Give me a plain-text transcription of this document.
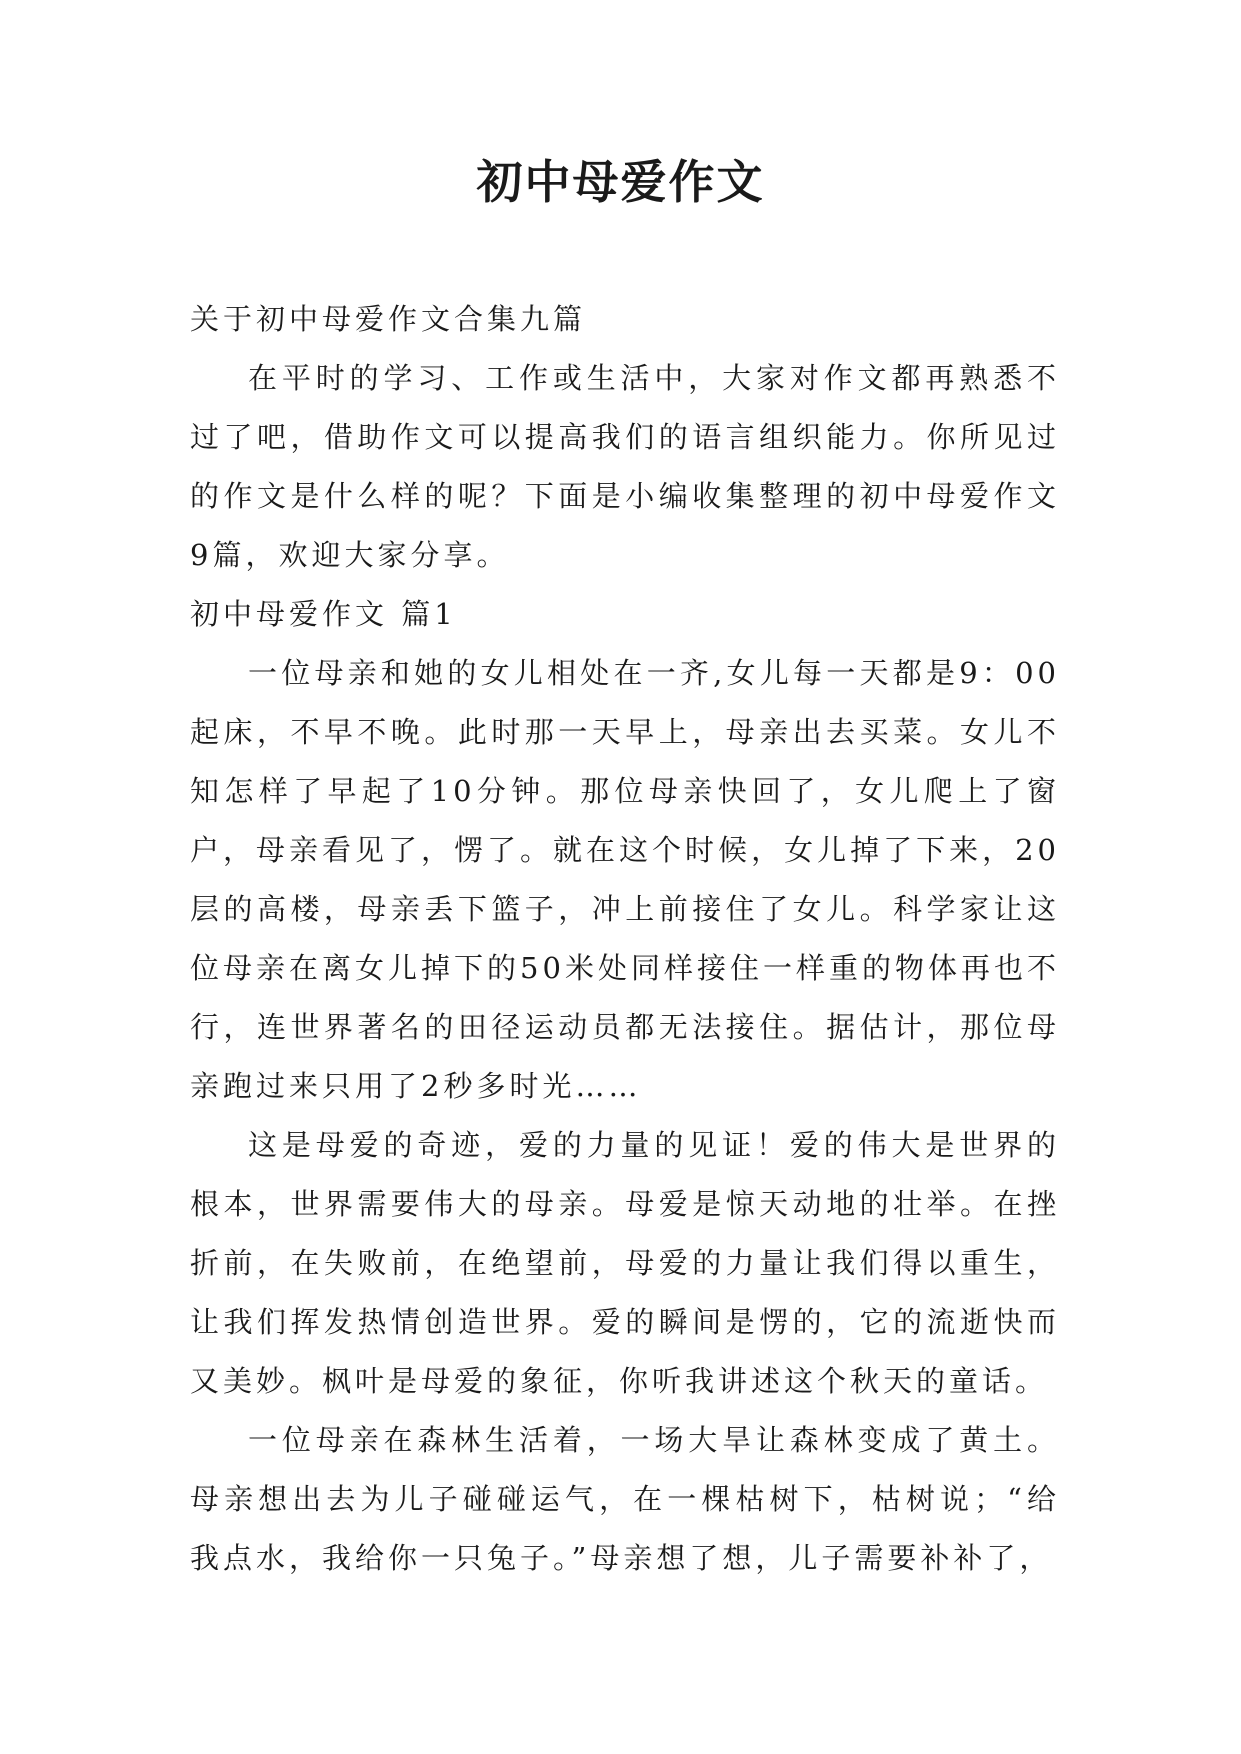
初中母爱作文

关于初中母爱作文合集九篇

在平时的学习、工作或生活中，大家对作文都再熟悉不过了吧，借助作文可以提高我们的语言组织能力。你所见过的作文是什么样的呢？下面是小编收集整理的初中母爱作文9篇，欢迎大家分享。

初中母爱作文 篇1

一位母亲和她的女儿相处在一齐,女儿每一天都是9：00起床，不早不晚。此时那一天早上，母亲出去买菜。女儿不知怎样了早起了10分钟。那位母亲快回了，女儿爬上了窗户，母亲看见了，愣了。就在这个时候，女儿掉了下来，20层的高楼，母亲丢下篮子，冲上前接住了女儿。科学家让这位母亲在离女儿掉下的50米处同样接住一样重的物体再也不行，连世界著名的田径运动员都无法接住。据估计，那位母亲跑过来只用了2秒多时光……

这是母爱的奇迹，爱的力量的见证！爱的伟大是世界的根本，世界需要伟大的母亲。母爱是惊天动地的壮举。在挫折前，在失败前，在绝望前，母爱的力量让我们得以重生，让我们挥发热情创造世界。爱的瞬间是愣的，它的流逝快而又美妙。枫叶是母爱的象征，你听我讲述这个秋天的童话。

一位母亲在森林生活着，一场大旱让森林变成了黄土。母亲想出去为儿子碰碰运气，在一棵枯树下，枯树说；“给我点水，我给你一只兔子。”母亲想了想，儿子需要补补了，
